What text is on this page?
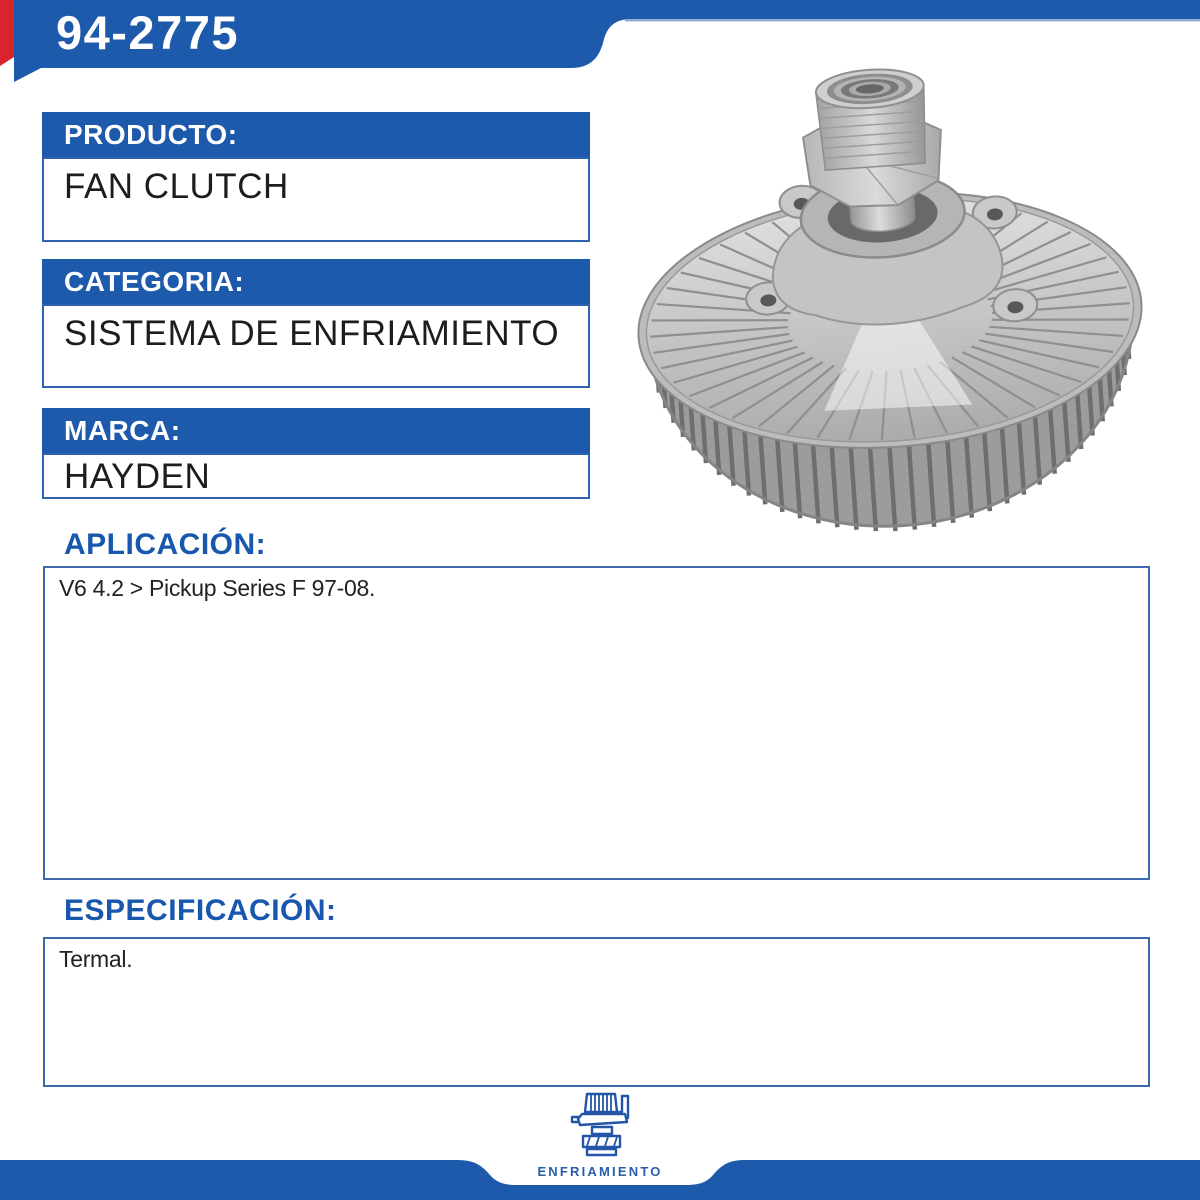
94-2775
PRODUCTO:
FAN CLUTCH
CATEGORIA:
SISTEMA DE ENFRIAMIENTO
MARCA:
HAYDEN
APLICACIÓN:
V6 4.2 > Pickup Series F 97-08.
ESPECIFICACIÓN:
Termal.
ENFRIAMIENTO
